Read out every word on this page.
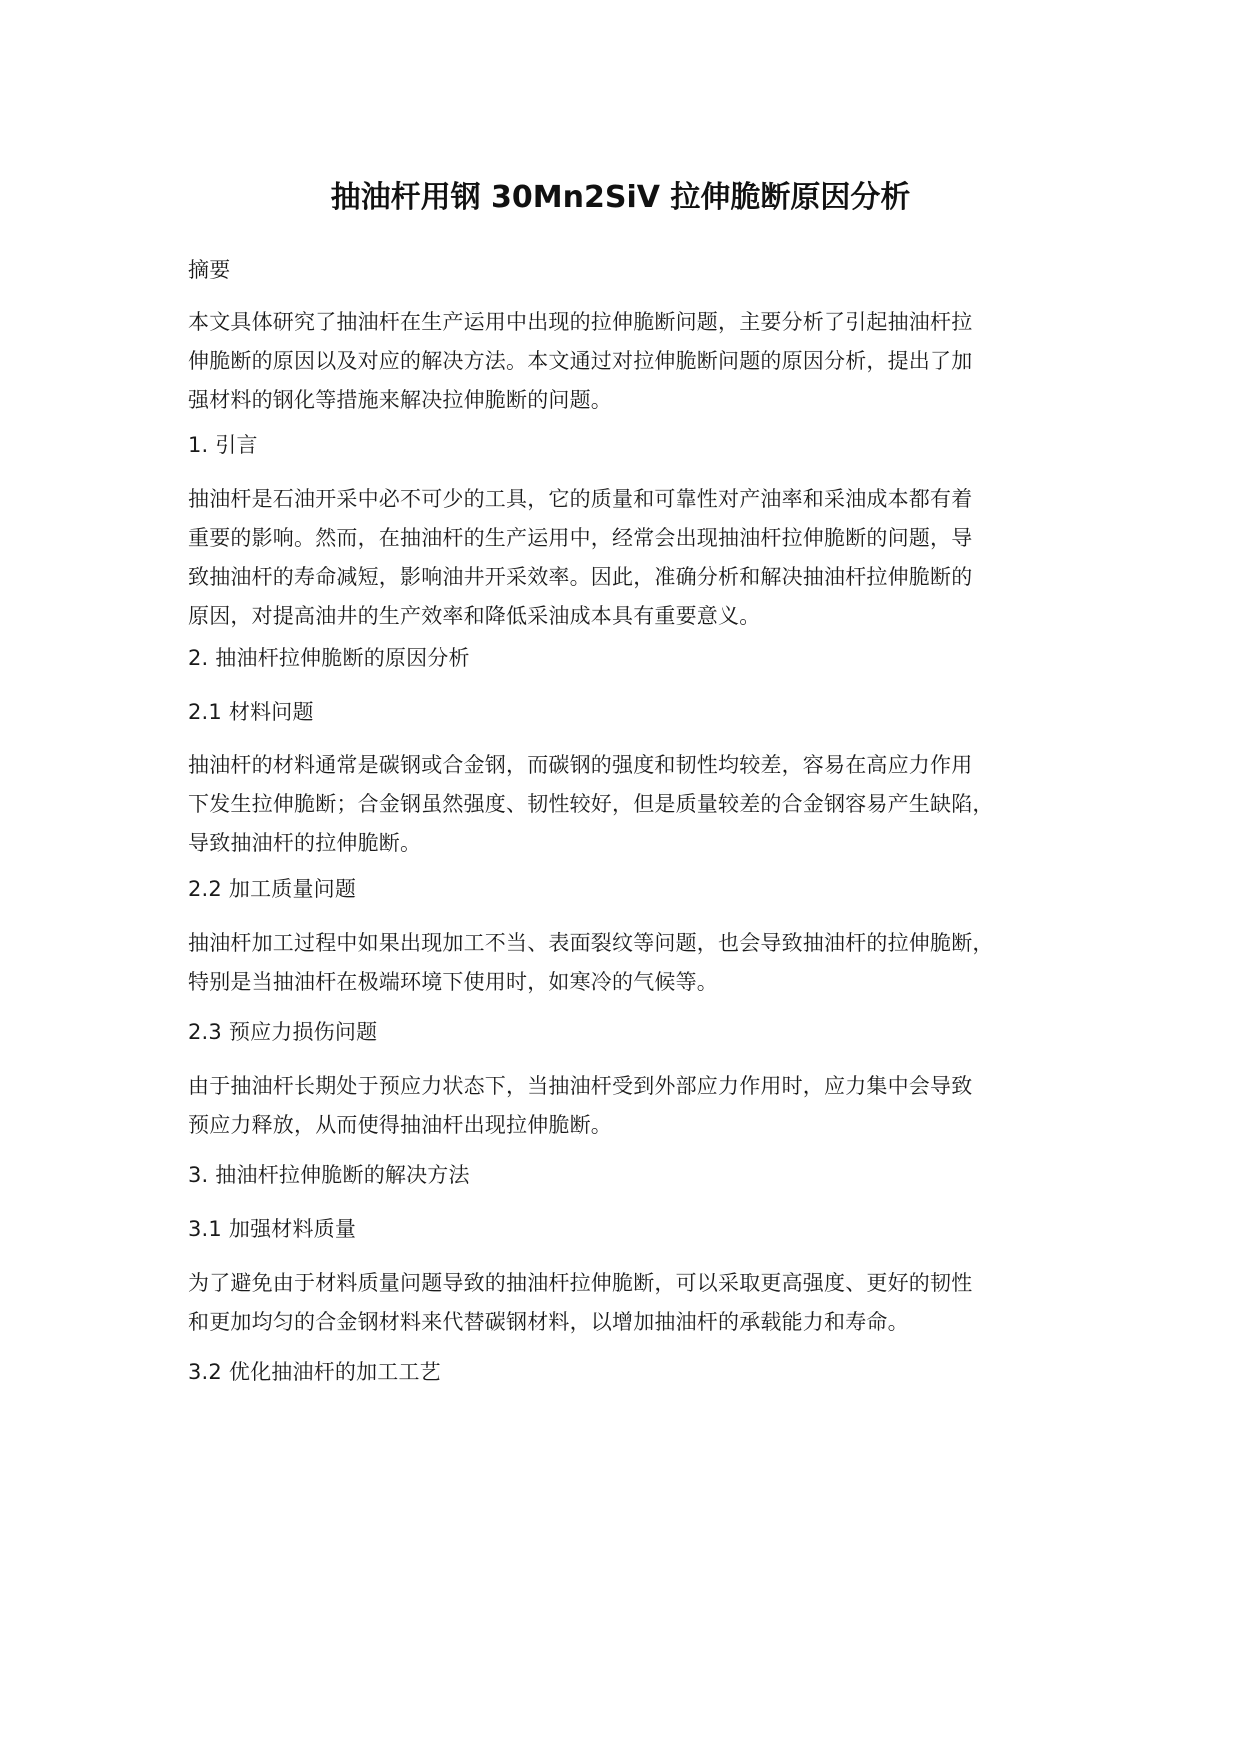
抽油杆用钢 30Mn2SiV 拉伸脆断原因分析

摘要

本文具体研究了抽油杆在生产运用中出现的拉伸脆断问题，主要分析了引起抽油杆拉
伸脆断的原因以及对应的解决方法。本文通过对拉伸脆断问题的原因分析，提出了加
强材料的钢化等措施来解决拉伸脆断的问题。

1. 引言

抽油杆是石油开采中必不可少的工具，它的质量和可靠性对产油率和采油成本都有着
重要的影响。然而，在抽油杆的生产运用中，经常会出现抽油杆拉伸脆断的问题，导
致抽油杆的寿命减短，影响油井开采效率。因此，准确分析和解决抽油杆拉伸脆断的
原因，对提高油井的生产效率和降低采油成本具有重要意义。

2. 抽油杆拉伸脆断的原因分析

2.1 材料问题

抽油杆的材料通常是碳钢或合金钢，而碳钢的强度和韧性均较差，容易在高应力作用
下发生拉伸脆断；合金钢虽然强度、韧性较好，但是质量较差的合金钢容易产生缺陷，
导致抽油杆的拉伸脆断。

2.2 加工质量问题

抽油杆加工过程中如果出现加工不当、表面裂纹等问题，也会导致抽油杆的拉伸脆断，
特别是当抽油杆在极端环境下使用时，如寒冷的气候等。

2.3 预应力损伤问题

由于抽油杆长期处于预应力状态下，当抽油杆受到外部应力作用时，应力集中会导致
预应力释放，从而使得抽油杆出现拉伸脆断。

3. 抽油杆拉伸脆断的解决方法

3.1 加强材料质量

为了避免由于材料质量问题导致的抽油杆拉伸脆断，可以采取更高强度、更好的韧性
和更加均匀的合金钢材料来代替碳钢材料，以增加抽油杆的承载能力和寿命。

3.2 优化抽油杆的加工工艺
